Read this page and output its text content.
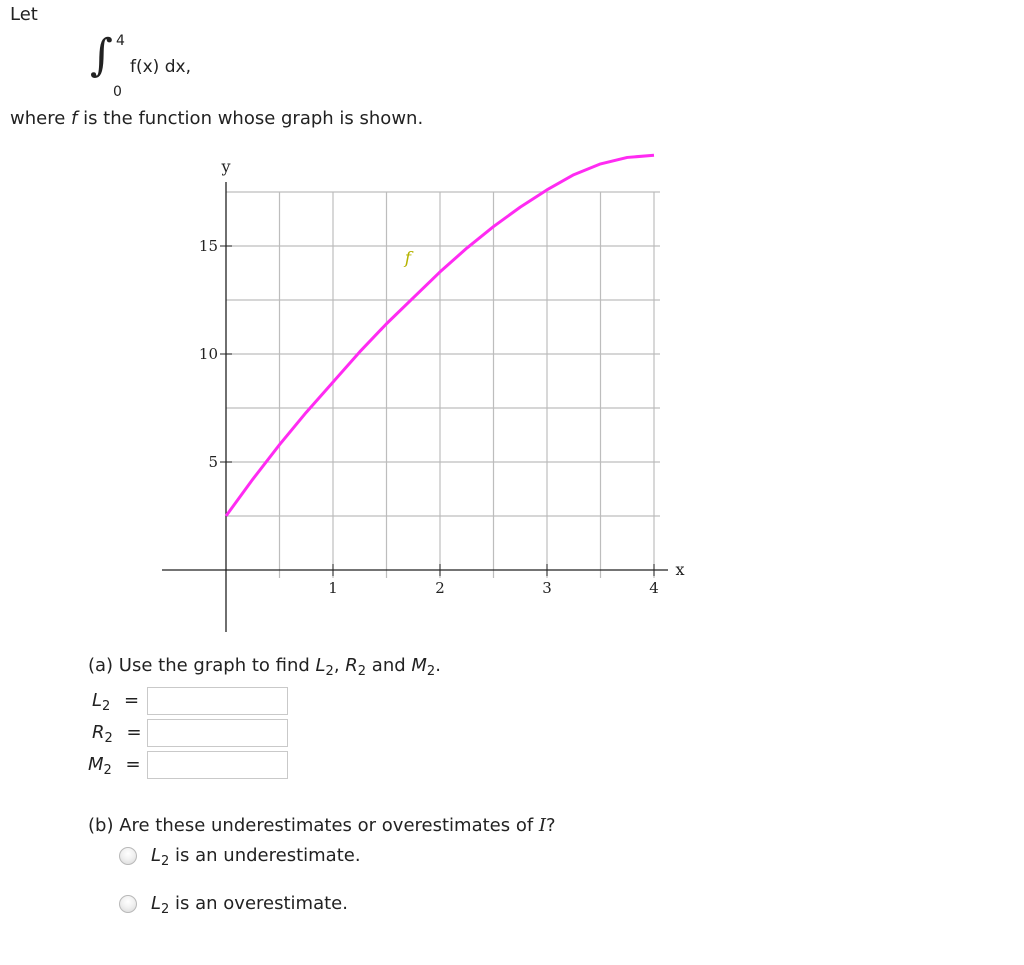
Let
∫ 4
0
f(x) dx,
where f is the function whose graph is shown.
1	2	3	4
5
10
15
y
x
f
(a) Use the graph to find $L_2$, $R_2$ and $M_2$.
$L_2$ =
$R_2$ =
$M_2$ =
(b) Are these underestimates or overestimates of I?
$L_2$ is an underestimate.
$L_2$ is an overestimate.
